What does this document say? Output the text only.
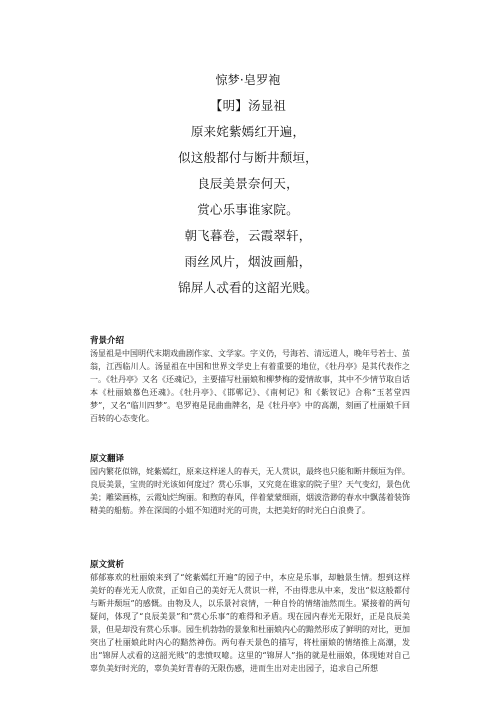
惊梦·皂罗袍
【明】汤显祖
原来姹紫嫣红开遍，
似这般都付与断井颓垣，
良辰美景奈何天，
赏心乐事谁家院。
朝飞暮卷，云霞翠轩，
雨丝风片，烟波画船，
锦屏人忒看的这韶光贱。

背景介绍

汤显祖是中国明代末期戏曲剧作家、文学家。字义仍，号海若、清远道人，晚年号若士、茧翁，江西临川人。汤显祖在中国和世界文学史上有着重要的地位，《牡丹亭》是其代表作之一。《牡丹亭》又名《还魂记》，主要描写杜丽娘和柳梦梅的爱情故事，其中不少情节取自话本《杜丽娘慕色还魂》。《牡丹亭》、《邯郸记》、《南柯记》和《紫钗记》合称“玉茗堂四梦”，又名“临川四梦”。皂罗袍是昆曲曲牌名，是《牡丹亭》中的高潮，刻画了杜丽娘千回百转的心态变化。

原文翻译

园内繁花似锦，姹紫嫣红，原来这样迷人的春天，无人赏识，最终也只能和断井颓垣为伴。良辰美景，宝贵的时光该如何度过？赏心乐事，又究竟在谁家的院子里？天气变幻，景色优美；雕梁画栋，云霞灿烂绚丽。和煦的春风，伴着蒙蒙细雨，烟波浩渺的春水中飘荡着装饰精美的船舫。养在深闺的小姐不知道时光的可贵，太把美好的时光白白浪费了。

原文赏析

郁郁寡欢的杜丽娘来到了“姹紫嫣红开遍”的园子中，本应是乐事，却触景生情。想到这样美好的春光无人欣赏，正如自己的美好无人赏识一样，不由得悲从中来，发出“似这般都付与断井颓垣”的感慨。由物及人，以乐景衬哀情，一种自怜的情绪油然而生。紧接着的两句疑问，体现了“良辰美景”和“赏心乐事”的难得和矛盾。现在园内春光无限好，正是良辰美景，但是却没有赏心乐事。园生机勃勃的景象和杜丽娘内心的黯然形成了鲜明的对比，更加突出了杜丽娘此时内心的黯然神伤。两句春天景色的描写，将杜丽娘的情绪推上高潮，发出“锦屏人忒看的这韶光贱”的悲愤叹噫。这里的“锦屏人”指的就是杜丽娘，体现她对自己辜负美好时光的，辜负美好青春的无限伤感，进而生出对走出园子，追求自己所想
